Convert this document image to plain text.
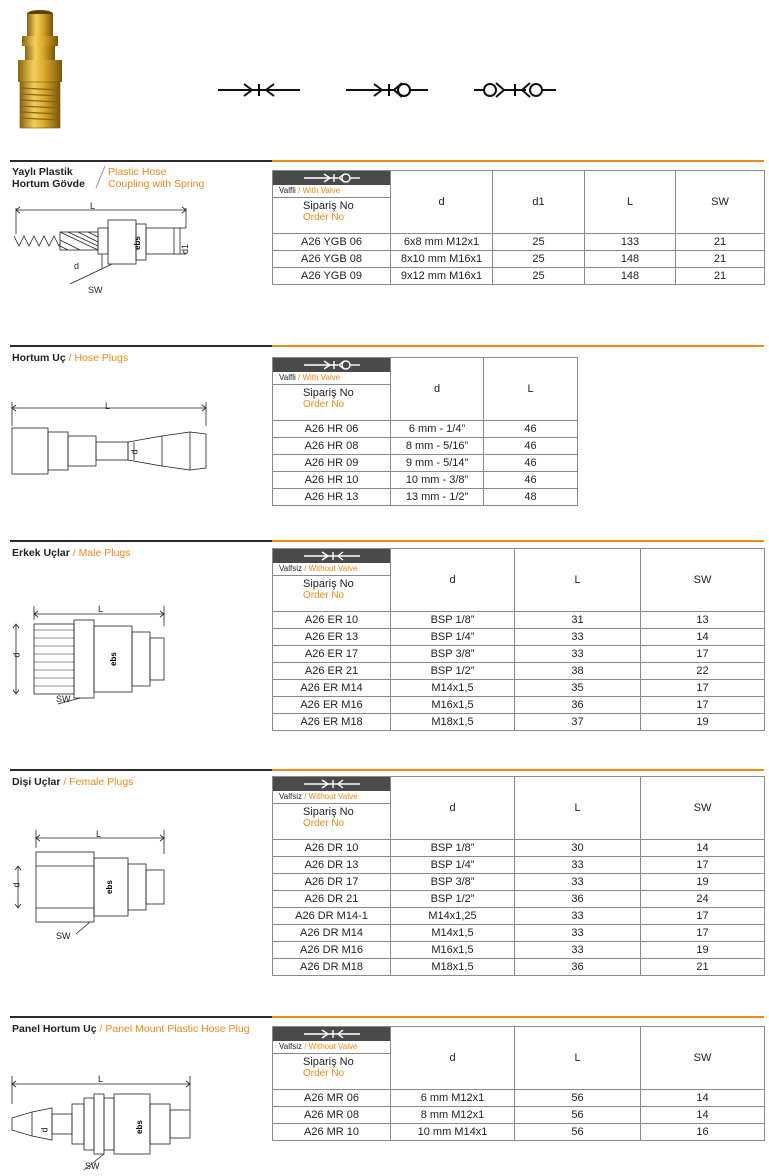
Yaylı Plastik
Hortum Gövde
Plastic Hose
Coupling with Spring
ebs
L
d1
d
SW
Valfli / With Valve
Sipariş No
Order No	d	d1	L	SW
A26 YGB 06	6x8 mm M12x1	25	133	21
A26 YGB 08	8x10 mm M16x1	25	148	21
A26 YGB 09	9x12 mm M16x1	25	148	21
Hortum Uç / Hose Plugs
L
d
Valfli / With Valve
Sipariş No
Order No	d	L
A26 HR 06	6 mm - 1/4”	46
A26 HR 08	8 mm - 5/16”	46
A26 HR 09	9 mm - 5/14”	46
A26 HR 10	10 mm - 3/8”	46
A26 HR 13	13 mm - 1/2”	48
Erkek Uçlar / Male Plugs
ebs
L
d
SW
Valfsiz / Without Valve
Sipariş No
Order No	d	L	SW
A26 ER 10	BSP 1/8”	31	13
A26 ER 13	BSP 1/4”	33	14
A26 ER 17	BSP 3/8”	33	17
A26 ER 21	BSP 1/2”	38	22
A26 ER M14	M14x1,5	35	17
A26 ER M16	M16x1,5	36	17
A26 ER M18	M18x1,5	37	19
Dişi Uçlar / Female Plugs
ebs
L
d
SW
Valfsiz / Without Valve
Sipariş No
Order No	d	L	SW
A26 DR 10	BSP 1/8”	30	14
A26 DR 13	BSP 1/4”	33	17
A26 DR 17	BSP 3/8”	33	19
A26 DR 21	BSP 1/2”	36	24
A26 DR M14-1	M14x1,25	33	17
A26 DR M14	M14x1,5	33	17
A26 DR M16	M16x1,5	33	19
A26 DR M18	M18x1,5	36	21
Panel Hortum Uç / Panel Mount Plastic Hose Plug
ebs
L
d
SW
Valfsiz / Without Valve
Sipariş No
Order No	d	L	SW
A26 MR 06	6 mm M12x1	56	14
A26 MR 08	8 mm M12x1	56	14
A26 MR 10	10 mm M14x1	56	16
